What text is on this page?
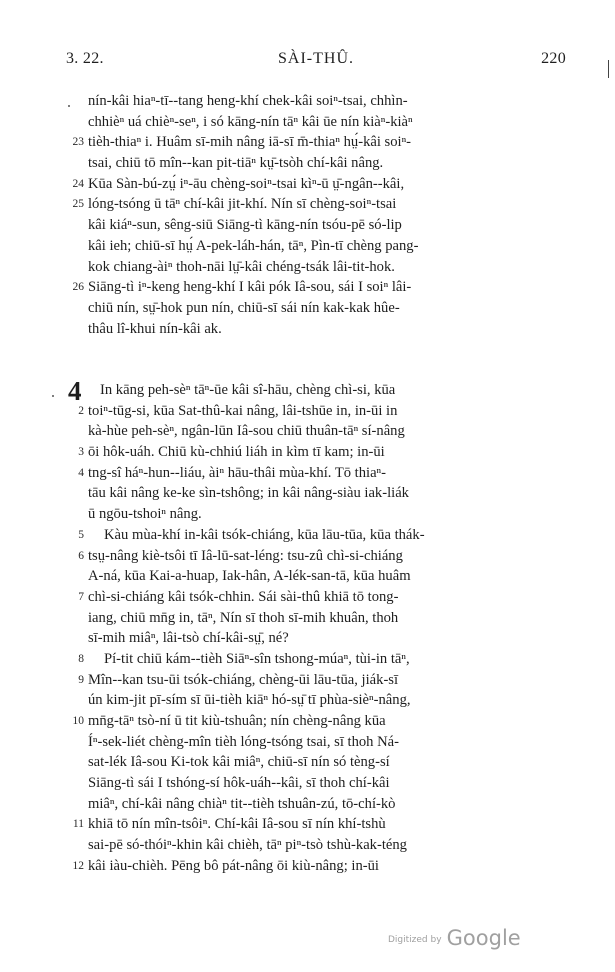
3. 22.	SÀI-THÛ.	220
nín-kâi hiaⁿ-tī--tang heng-khí chek-kâi soiⁿ-tsai, chhìn-
chhièⁿ uá chièⁿ-seⁿ, i só kāng-nín tāⁿ kâi ūe nín kiàⁿ-kiàⁿ
23 tièh-thiaⁿ i. Huâm sī-mih nâng iā-sī m̄-thiaⁿ hṳ́-kâi soiⁿ-
tsai, chiū tō mîn--kan pit-tiāⁿ kṳ̄-tsòh chí-kâi nâng.
24 Kūa Sàn-bú-zṳ́ iⁿ-āu chèng-soiⁿ-tsai kìⁿ-ū ṳ̄-ngân--kâi,
25 lóng-tsóng ū tāⁿ chí-kâi jit-khí. Nín sī chèng-soiⁿ-tsai
kâi kiáⁿ-sun, sêng-siū Siāng-tì kāng-nín tsóu-pē só-lip
kâi ieh; chiū-sī hṳ́ A-pek-láh-hán, tāⁿ, Pìn-tī chèng pang-
kok chiang-àiⁿ thoh-nāi lṳ̄-kâi chéng-tsák lâi-tit-hok.
26 Siāng-tì iⁿ-keng heng-khí I kâi pók Iâ-sou, sái I soiⁿ lâi-
chiū nín, sṳ̄-hok pun nín, chiū-sī sái nín kak-kak hûe-
thâu lî-khui nín-kâi ak.
4 In kāng peh-sèⁿ tāⁿ-ūe kâi sî-hāu, chèng chì-si, kūa
2 toiⁿ-tūg-si, kūa Sat-thû-kai nâng, lâi-tshūe in, in-ūi in
kà-hùe peh-sèⁿ, ngân-lūn Iâ-sou chiū thuân-tāⁿ sí-nâng
3 ōi hôk-uáh. Chiū kù-chhiú liáh in kìm tī kam; in-ūi
4 tng-sî háⁿ-hun--liáu, àiⁿ hāu-thâi mùa-khí. Tō thiaⁿ-
tāu kâi nâng ke-ke sìn-tshông; in kâi nâng-siàu iak-liák
ū ngōu-tshoiⁿ nâng.
5 Kàu mùa-khí in-kâi tsók-chiáng, kūa lāu-tūa, kūa thák-
6 tsṳ-nâng kiè-tsôi tī Iâ-lū-sat-léng: tsu-zû chì-si-chiáng
A-ná, kūa Kai-a-huap, Iak-hân, A-lék-san-tā, kūa huâm
7 chì-si-chiáng kâi tsók-chhin. Sái sài-thû khiā tō tong-
iang, chiū mn̄g in, tāⁿ, Nín sī thoh sī-mih khuân, thoh
sī-mih miâⁿ, lâi-tsò chí-kâi-sṳ̄, né?
8 Pí-tit chiū kám--tièh Siāⁿ-sîn tshong-múaⁿ, tùi-in tāⁿ,
9 Mîn--kan tsu-ūi tsók-chiáng, chèng-ūi lāu-tūa, jiák-sī
ún kim-jit pī-sím sī ūi-tièh kiāⁿ hó-sṳ̄ tī phùa-sièⁿ-nâng,
10 mn̄g-tāⁿ tsò-ní ū tit kiù-tshuân; nín chèng-nâng kūa
Íⁿ-sek-liét chèng-mîn tièh lóng-tsóng tsai, sī thoh Ná-
sat-lék Iâ-sou Ki-tok kâi miâⁿ, chiū-sī nín só tèng-sí
Siāng-tì sái I tshóng-sí hôk-uáh--kâi, sī thoh chí-kâi
miâⁿ, chí-kâi nâng chiàⁿ tit--tièh tshuân-zú, tō-chí-kò
11 khiā tō nín mîn-tsôiⁿ. Chí-kâi Iâ-sou sī nín khí-tshù
sai-pē só-thóiⁿ-khin kâi chièh, tāⁿ piⁿ-tsò tshù-kak-téng
12 kâi iàu-chièh. Pēng bô pát-nâng ōi kiù-nâng; in-ūi
Digitized by Google
